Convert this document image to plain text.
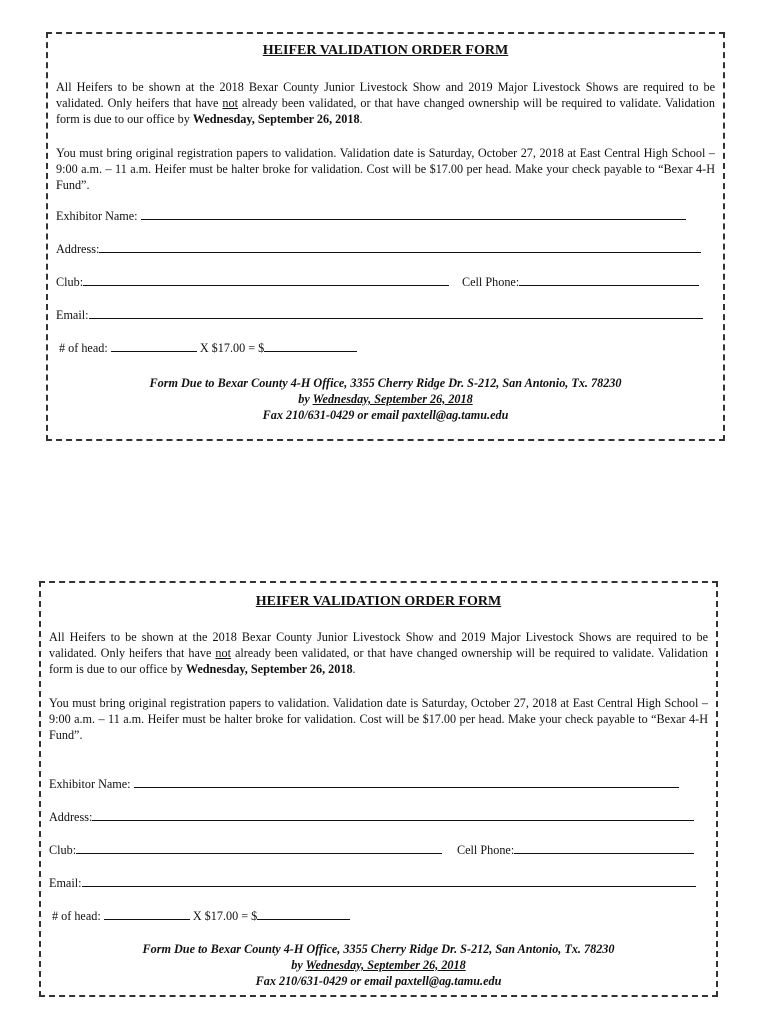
HEIFER VALIDATION ORDER FORM
All Heifers to be shown at the 2018 Bexar County Junior Livestock Show and 2019 Major Livestock Shows are required to be validated. Only heifers that have not already been validated, or that have changed ownership will be required to validate. Validation form is due to our office by Wednesday, September 26, 2018.
You must bring original registration papers to validation. Validation date is Saturday, October 27, 2018 at East Central High School – 9:00 a.m. – 11 a.m. Heifer must be halter broke for validation. Cost will be $17.00 per head. Make your check payable to “Bexar 4-H Fund”.
Exhibitor Name:
Address:
Club:	Cell Phone:
Email:
# of head:	X $17.00 = $
Form Due to Bexar County 4-H Office, 3355 Cherry Ridge Dr. S-212, San Antonio, Tx. 78230
by Wednesday, September 26, 2018
Fax 210/631-0429 or email paxtell@ag.tamu.edu
HEIFER VALIDATION ORDER FORM
All Heifers to be shown at the 2018 Bexar County Junior Livestock Show and 2019 Major Livestock Shows are required to be validated. Only heifers that have not already been validated, or that have changed ownership will be required to validate. Validation form is due to our office by Wednesday, September 26, 2018.
You must bring original registration papers to validation. Validation date is Saturday, October 27, 2018 at East Central High School – 9:00 a.m. – 11 a.m. Heifer must be halter broke for validation. Cost will be $17.00 per head. Make your check payable to “Bexar 4-H Fund”.
Exhibitor Name:
Address:
Club:	Cell Phone:
Email:
# of head:	X $17.00 = $
Form Due to Bexar County 4-H Office, 3355 Cherry Ridge Dr. S-212, San Antonio, Tx. 78230
by Wednesday, September 26, 2018
Fax 210/631-0429 or email paxtell@ag.tamu.edu
